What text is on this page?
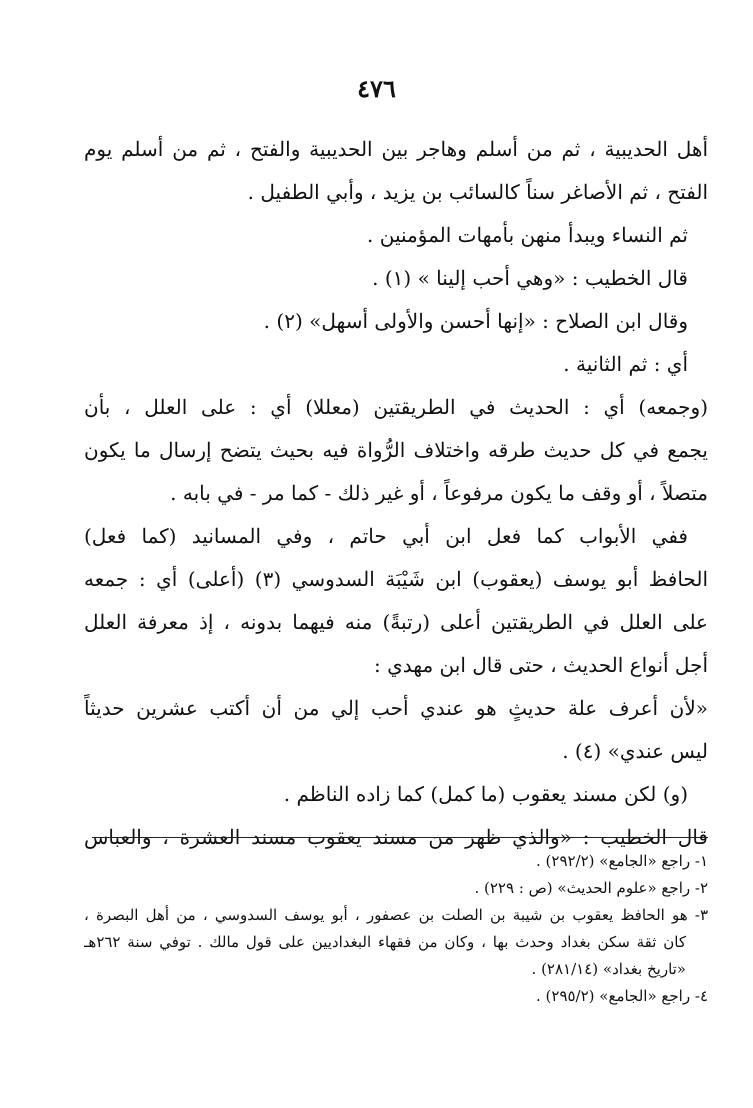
٤٧٦
أهل الحديبية ، ثم من أسلم وهاجر بين الحديبية والفتح ، ثم من أسلم يوم
الفتح ، ثم الأصاغر سناً كالسائب بن يزيد ، وأبي الطفيل .
ثم النساء ويبدأ منهن بأمهات المؤمنين .
قال الخطيب : «وهي أحب إلينا » (١) .
وقال ابن الصلاح : «إنها أحسن والأولى أسهل» (٢) .
أي : ثم الثانية .
(وجمعه) أي : الحديث في الطريقتين (معللا) أي : على العلل ، بأن
يجمع في كل حديث طرقه واختلاف الرُّواة فيه بحيث يتضح إرسال ما يكون
متصلاً ، أو وقف ما يكون مرفوعاً ، أو غير ذلك - كما مر - في بابه .
ففي الأبواب كما فعل ابن أبي حاتم ، وفي المسانيد (كما فعل)
الحافظ أبو يوسف (يعقوب) ابن شَيْبَة السدوسي (٣) (أعلى) أي : جمعه
على العلل في الطريقتين أعلى (رتبةً) منه فيهما بدونه ، إذ معرفة العلل
أجل أنواع الحديث ، حتى قال ابن مهدي :
«لأن أعرف علة حديثٍ هو عندي أحب إلي من أن أكتب عشرين حديثاً
ليس عندي» (٤) .
(و) لكن مسند يعقوب (ما كمل) كما زاده الناظم .
قال الخطيب : «والذي ظهر من مسند يعقوب مسند العشرة ، والعباس
١- راجع «الجامع» (٢٩٢/٢) .
٢- راجع «علوم الحديث» (ص : ٢٢٩) .
٣- هو الحافظ يعقوب بن شيبة بن الصلت بن عصفور ، أبو يوسف السدوسي ، من أهل البصرة ،
كان ثقة سكن بغداد وحدث بها ، وكان من فقهاء البغداديين على قول مالك . توفي سنة ٢٦٢هـ
«تاريخ بغداد» (٢٨١/١٤) .
٤- راجع «الجامع» (٢٩٥/٢) .
